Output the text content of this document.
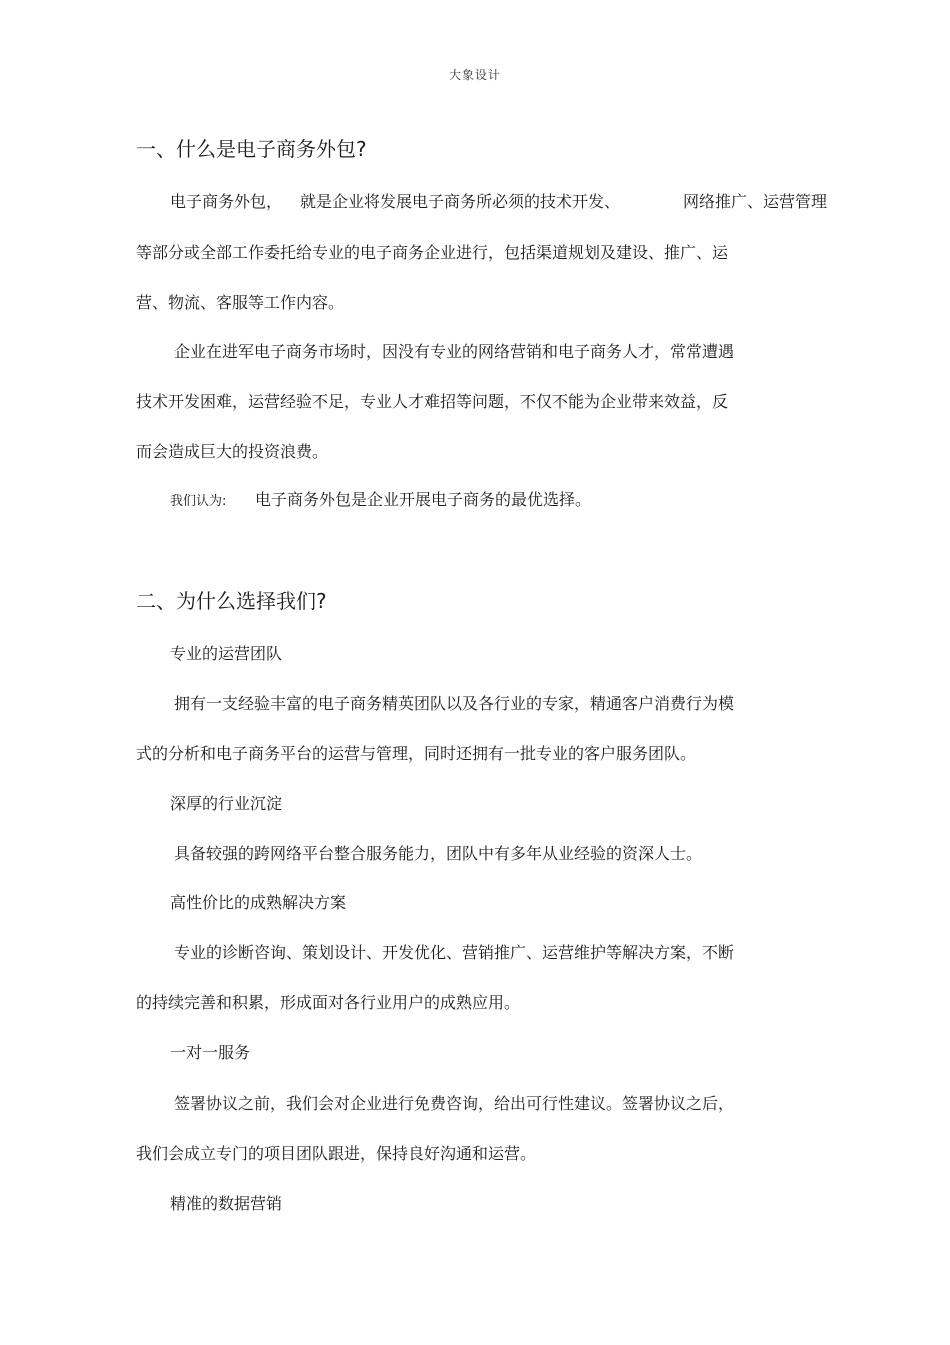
大象设计
一、什么是电子商务外包?
电子商务外包， 就是企业将发展电子商务所必须的技术开发、	网络推广、运营管理
等部分或全部工作委托给专业的电子商务企业进行，包括渠道规划及建设、推广、运
营、物流、客服等工作内容。
企业在进军电子商务市场时，因没有专业的网络营销和电子商务人才，常常遭遇
技术开发困难，运营经验不足，专业人才难招等问题，不仅不能为企业带来效益，反
而会造成巨大的投资浪费。
我们认为: 电子商务外包是企业开展电子商务的最优选择。
二、为什么选择我们?
专业的运营团队
拥有一支经验丰富的电子商务精英团队以及各行业的专家，精通客户消费行为模
式的分析和电子商务平台的运营与管理，同时还拥有一批专业的客户服务团队。
深厚的行业沉淀
具备较强的跨网络平台整合服务能力，团队中有多年从业经验的资深人士。
高性价比的成熟解决方案
专业的诊断咨询、策划设计、开发优化、营销推广、运营维护等解决方案，不断
的持续完善和积累，形成面对各行业用户的成熟应用。
一对一服务
签署协议之前，我们会对企业进行免费咨询，给出可行性建议。签署协议之后，
我们会成立专门的项目团队跟进，保持良好沟通和运营。
精准的数据营销
